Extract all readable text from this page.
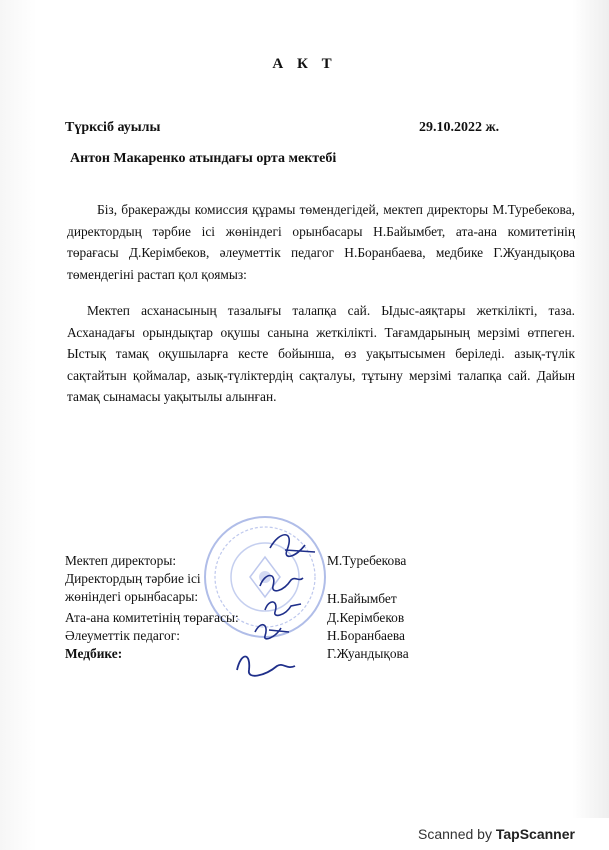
А К Т
Түрксіб ауылы	29.10.2022 ж.
Антон Макаренко атындағы орта мектебі

Біз, бракеражды комиссия құрамы төмендегідей, мектеп директоры М.Туребекова, директордың тәрбие ісі жөніндегі орынбасары Н.Байымбет, ата-ана комитетінің төрағасы Д.Керімбеков, әлеуметтік педагог Н.Боранбаева, медбике Г.Жуандықова төмендегіні растап қол қоямыз:

Мектеп асханасының тазалығы талапқа сай. Ыдыс-аяқтары жеткілікті, таза. Асханадағы орындықтар оқушы санына жеткілікті. Тағамдарының мерзімі өтпеген. Ыстық тамақ оқушыларға кесте бойынша, өз уақытысымен беріледі. азық-түлік сақтайтын қоймалар, азық-түліктердің сақталуы, тұтыну мерзімі талапқа сай. Дайын тамақ сынамасы уақытылы алынған.

Мектеп директоры:	М.Туребекова
Директордың тәрбие ісі
жөніндегі орынбасары:	Н.Байымбет
Ата-ана комитетінің төрағасы:	Д.Керімбеков
Әлеуметтік педагог:	Н.Боранбаева
Медбике:	Г.Жуандықова
Scanned by TapScanner
